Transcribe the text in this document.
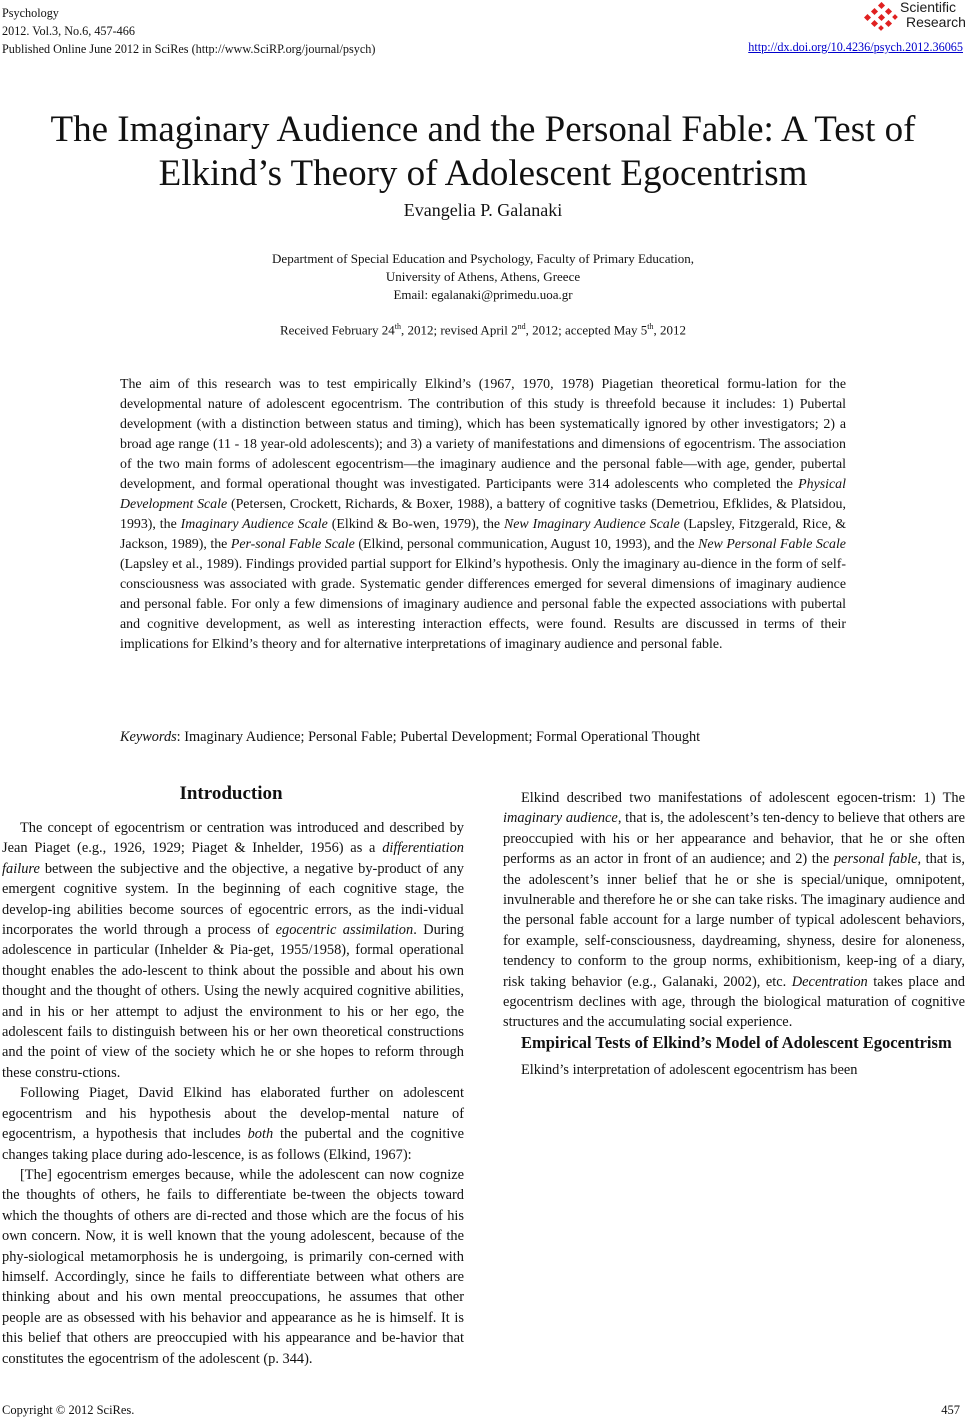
Psychology
2012. Vol.3, No.6, 457-466
Published Online June 2012 in SciRes (http://www.SciRP.org/journal/psych)
Scientific
Research
http://dx.doi.org/10.4236/psych.2012.36065
The Imaginary Audience and the Personal Fable: A Test of
Elkind’s Theory of Adolescent Egocentrism
Evangelia P. Galanaki
Department of Special Education and Psychology, Faculty of Primary Education,
University of Athens, Athens, Greece
Email: egalanaki@primedu.uoa.gr
Received February 24th, 2012; revised April 2nd, 2012; accepted May 5th, 2012
The aim of this research was to test empirically Elkind’s (1967, 1970, 1978) Piagetian theoretical formu-lation for the developmental nature of adolescent egocentrism. The contribution of this study is threefold because it includes: 1) Pubertal development (with a distinction between status and timing), which has been systematically ignored by other investigators; 2) a broad age range (11 - 18 year-old adolescents); and 3) a variety of manifestations and dimensions of egocentrism. The association of the two main forms of adolescent egocentrism—the imaginary audience and the personal fable—with age, gender, pubertal development, and formal operational thought was investigated. Participants were 314 adolescents who completed the Physical Development Scale (Petersen, Crockett, Richards, & Boxer, 1988), a battery of cognitive tasks (Demetriou, Efklides, & Platsidou, 1993), the Imaginary Audience Scale (Elkind & Bo-wen, 1979), the New Imaginary Audience Scale (Lapsley, Fitzgerald, Rice, & Jackson, 1989), the Per-sonal Fable Scale (Elkind, personal communication, August 10, 1993), and the New Personal Fable Scale (Lapsley et al., 1989). Findings provided partial support for Elkind’s hypothesis. Only the imaginary au-dience in the form of self-consciousness was associated with grade. Systematic gender differences emerged for several dimensions of imaginary audience and personal fable. For only a few dimensions of imaginary audience and personal fable the expected associations with pubertal and cognitive development, as well as interesting interaction effects, were found. Results are discussed in terms of their implications for Elkind’s theory and for alternative interpretations of imaginary audience and personal fable.
Keywords: Imaginary Audience; Personal Fable; Pubertal Development; Formal Operational Thought
Introduction

The concept of egocentrism or centration was introduced and described by Jean Piaget (e.g., 1926, 1929; Piaget & Inhelder, 1956) as a differentiation failure between the subjective and the objective, a negative by-product of any emergent cognitive system. In the beginning of each cognitive stage, the develop-ing abilities become sources of egocentric errors, as the indi-vidual incorporates the world through a process of egocentric assimilation. During adolescence in particular (Inhelder & Pia-get, 1955/1958), formal operational thought enables the ado-lescent to think about the possible and about his own thought and the thought of others. Using the newly acquired cognitive abilities, and in his or her attempt to adjust the environment to his or her ego, the adolescent fails to distinguish between his or her own theoretical constructions and the point of view of the society which he or she hopes to reform through these constru-ctions.

Following Piaget, David Elkind has elaborated further on adolescent egocentrism and his hypothesis about the develop-mental nature of egocentrism, a hypothesis that includes both the pubertal and the cognitive changes taking place during ado-lescence, is as follows (Elkind, 1967):

[The] egocentrism emerges because, while the adolescent can now cognize the thoughts of others, he fails to differentiate be-tween the objects toward which the thoughts of others are di-rected and those which are the focus of his own concern. Now, it is well known that the young adolescent, because of the phy-siological metamorphosis he is undergoing, is primarily con-cerned with himself. Accordingly, since he fails to differentiate between what others are thinking about and his own mental preoccupations, he assumes that other people are as obsessed with his behavior and appearance as he is himself. It is this belief that others are preoccupied with his appearance and be-havior that constitutes the egocentrism of the adolescent (p. 344).

Elkind described two manifestations of adolescent egocen-trism: 1) The imaginary audience, that is, the adolescent’s ten-dency to believe that others are preoccupied with his or her appearance and behavior, that he or she often performs as an actor in front of an audience; and 2) the personal fable, that is, the adolescent’s inner belief that he or she is special/unique, omnipotent, invulnerable and therefore he or she can take risks. The imaginary audience and the personal fable account for a large number of typical adolescent behaviors, for example, self-consciousness, daydreaming, shyness, desire for aloneness, tendency to conform to the group norms, exhibitionism, keep-ing of a diary, risk taking behavior (e.g., Galanaki, 2002), etc. Decentration takes place and egocentrism declines with age, through the biological maturation of cognitive structures and the accumulating social experience.

Empirical Tests of Elkind’s Model of Adolescent Egocentrism

Elkind’s interpretation of adolescent egocentrism has been

Copyright © 2012 SciRes.	457
